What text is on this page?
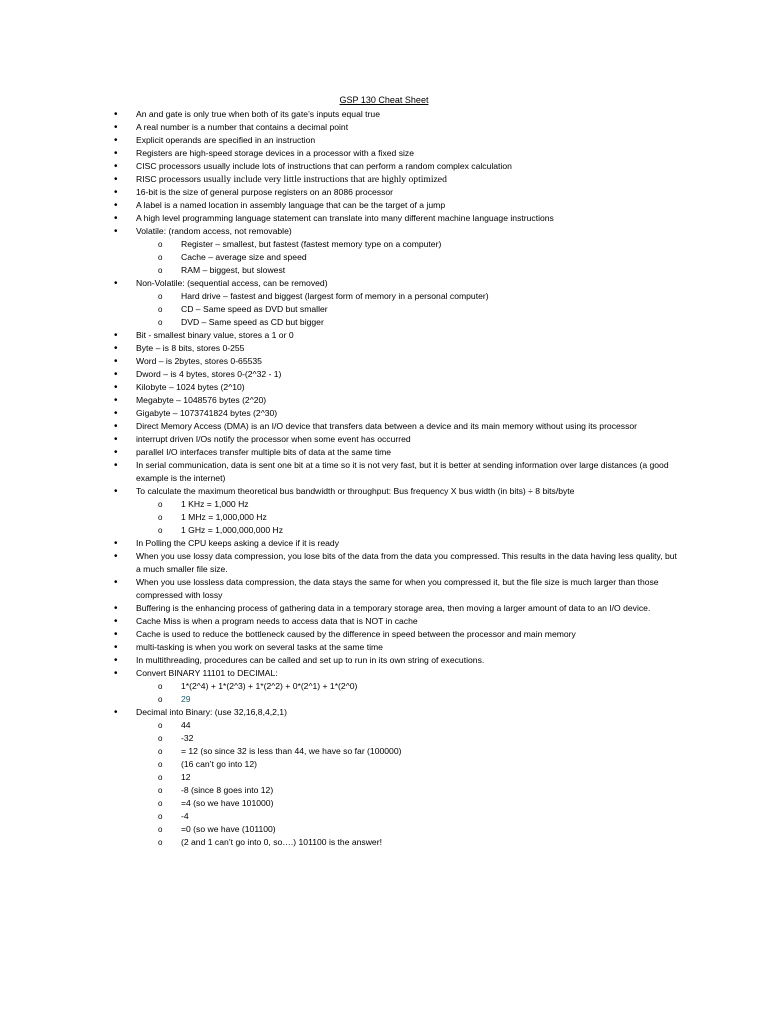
GSP 130 Cheat Sheet
• An and gate is only true when both of its gate’s inputs equal true
• A real number is a number that contains a decimal point
• Explicit operands are specified in an instruction
• Registers are high-speed storage devices in a processor with a fixed size
• CISC processors usually include lots of instructions that can perform a random complex calculation
• RISC processors usually include very little instructions that are highly optimized
• 16-bit is the size of general purpose registers on an 8086 processor
• A label is a named location in assembly language that can be the target of a jump
• A high level programming language statement can translate into many different machine language instructions
• Volatile: (random access, not removable)
o Register – smallest, but fastest (fastest memory type on a computer)
o Cache – average size and speed
o RAM – biggest, but slowest
• Non-Volatile: (sequential access, can be removed)
o Hard drive – fastest and biggest (largest form of memory in a personal computer)
o CD – Same speed as DVD but smaller
o DVD – Same speed as CD but bigger
• Bit - smallest binary value, stores a 1 or 0
• Byte – is 8 bits, stores 0-255
• Word – is 2bytes, stores 0-65535
• Dword – is 4 bytes, stores 0-(2^32 - 1)
• Kilobyte – 1024 bytes (2^10)
• Megabyte – 1048576 bytes (2^20)
• Gigabyte – 1073741824 bytes (2^30)
• Direct Memory Access (DMA) is an I/O device that transfers data between a device and its main memory without using its processor
• interrupt driven I/Os notify the processor when some event has occurred
• parallel I/O interfaces transfer multiple bits of data at the same time
• In serial communication, data is sent one bit at a time so it is not very fast, but it is better at sending information over large distances (a good example is the internet)
• To calculate the maximum theoretical bus bandwidth or throughput: Bus frequency X bus width (in bits) ÷ 8 bits/byte
o 1 KHz = 1,000 Hz
o 1 MHz = 1,000,000 Hz
o 1 GHz = 1,000,000,000 Hz
• In Polling the CPU keeps asking a device if it is ready
• When you use lossy data compression, you lose bits of the data from the data you compressed. This results in the data having less quality, but a much smaller file size.
• When you use lossless data compression, the data stays the same for when you compressed it, but the file size is much larger than those compressed with lossy
• Buffering is the enhancing process of gathering data in a temporary storage area, then moving a larger amount of data to an I/O device.
• Cache Miss is when a program needs to access data that is NOT in cache
• Cache is used to reduce the bottleneck caused by the difference in speed between the processor and main memory
• multi-tasking is when you work on several tasks at the same time
• In multithreading, procedures can be called and set up to run in its own string of executions.
• Convert BINARY 11101 to DECIMAL:
o 1*(2^4) + 1*(2^3) + 1*(2^2) + 0*(2^1) + 1*(2^0)
o 29
• Decimal into Binary: (use 32,16,8,4,2,1)
o 44
o -32
o = 12 (so since 32 is less than 44, we have so far (100000)
o (16 can’t go into 12)
o 12
o -8 (since 8 goes into 12)
o =4 (so we have 101000)
o -4
o =0 (so we have (101100)
o (2 and 1 can’t go into 0, so….) 101100 is the answer!
